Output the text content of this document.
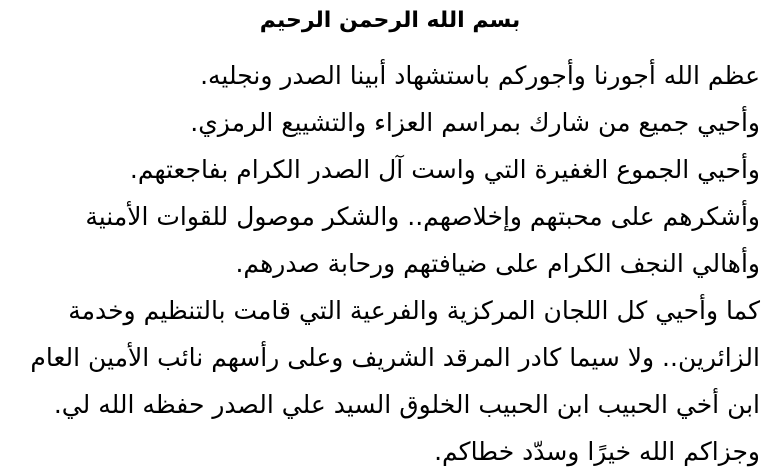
بسم الله الرحمن الرحيم
عظم الله أجورنا وأجوركم باستشهاد أبينا الصدر ونجليه.
وأحيي جميع من شارك بمراسم العزاء والتشييع الرمزي.
وأحيي الجموع الغفيرة التي واست آل الصدر الكرام بفاجعتهم.
وأشكرهم على محبتهم وإخلاصهم.. والشكر موصول للقوات الأمنية
وأهالي النجف الكرام على ضيافتهم ورحابة صدرهم.
كما وأحيي كل اللجان المركزية والفرعية التي قامت بالتنظيم وخدمة
الزائرين.. ولا سيما كادر المرقد الشريف وعلى رأسهم نائب الأمين العام
ابن أخي الحبيب ابن الحبيب الخلوق السيد علي الصدر حفظه الله لي.
وجزاكم الله خيرًا وسدّد خطاكم.
